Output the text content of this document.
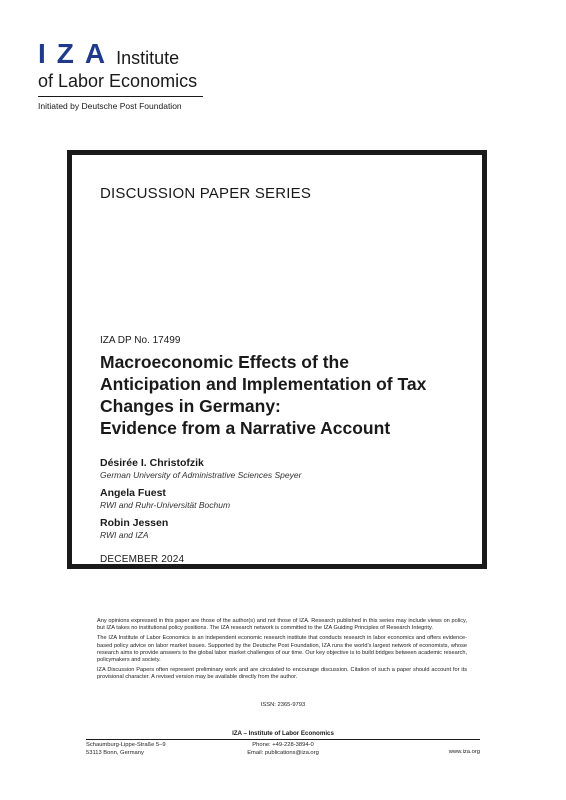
IZA Institute
of Labor Economics
Initiated by Deutsche Post Foundation
DISCUSSION PAPER SERIES
IZA DP No. 17499
Macroeconomic Effects of the
Anticipation and Implementation of Tax
Changes in Germany:
Evidence from a Narrative Account
Désirée I. Christofzik
German University of Administrative Sciences Speyer
Angela Fuest
RWI and Ruhr-Universität Bochum
Robin Jessen
RWI and IZA
DECEMBER 2024

Any opinions expressed in this paper are those of the author(s) and not those of IZA. Research published in this series may include views on policy, but IZA takes no institutional policy positions. The IZA research network is committed to the IZA Guiding Principles of Research Integrity.

The IZA Institute of Labor Economics is an independent economic research institute that conducts research in labor economics and offers evidence-based policy advice on labor market issues. Supported by the Deutsche Post Foundation, IZA runs the world’s largest network of economists, whose research aims to provide answers to the global labor market challenges of our time. Our key objective is to build bridges between academic research, policymakers and society.

IZA Discussion Papers often represent preliminary work and are circulated to encourage discussion. Citation of such a paper should account for its provisional character. A revised version may be available directly from the author.

ISSN: 2365-9793
IZA – Institute of Labor Economics
Schaumburg-Lippe-Straße 5–9
53113 Bonn, Germany
Phone: +49-228-3894-0
Email: publications@iza.org	www.iza.org
